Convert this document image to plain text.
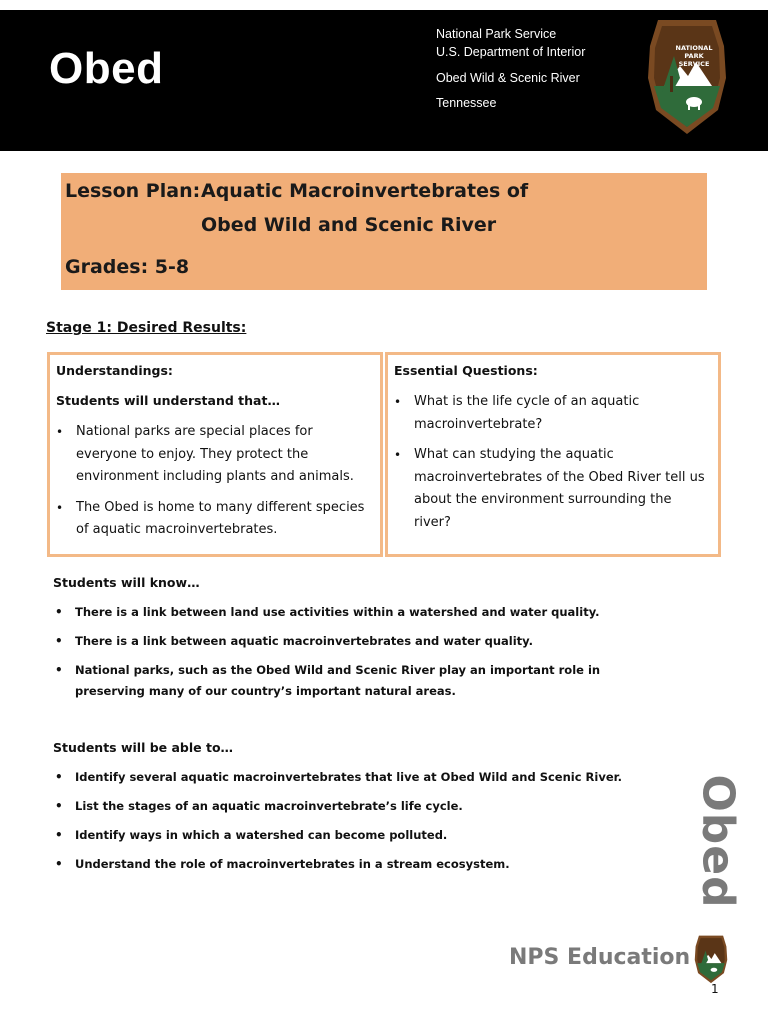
Obed
National Park Service
U.S. Department of Interior
Obed Wild & Scenic River
Tennessee
NATIONAL
PARK
SERVICE
Lesson Plan: Aquatic Macroinvertebrates of
Obed Wild and Scenic River
Grades: 5-8
Stage 1: Desired Results:

Understandings:

Students will understand that…

• National parks are special places for everyone to enjoy. They protect the environment including plants and animals.
• The Obed is home to many different species of aquatic macroinvertebrates.

Essential Questions:

• What is the life cycle of an aquatic macroinvertebrate?
• What can studying the aquatic macroinvertebrates of the Obed River tell us about the environment surrounding the river?

Students will know…

• There is a link between land use activities within a watershed and water quality.
• There is a link between aquatic macroinvertebrates and water quality.
• National parks, such as the Obed Wild and Scenic River play an important role in preserving many of our country’s important natural areas.

Students will be able to…

• Identify several aquatic macroinvertebrates that live at Obed Wild and Scenic River.
• List the stages of an aquatic macroinvertebrate’s life cycle.
• Identify ways in which a watershed can become polluted.
• Understand the role of macroinvertebrates in a stream ecosystem.	Obed

NPS Education

1
